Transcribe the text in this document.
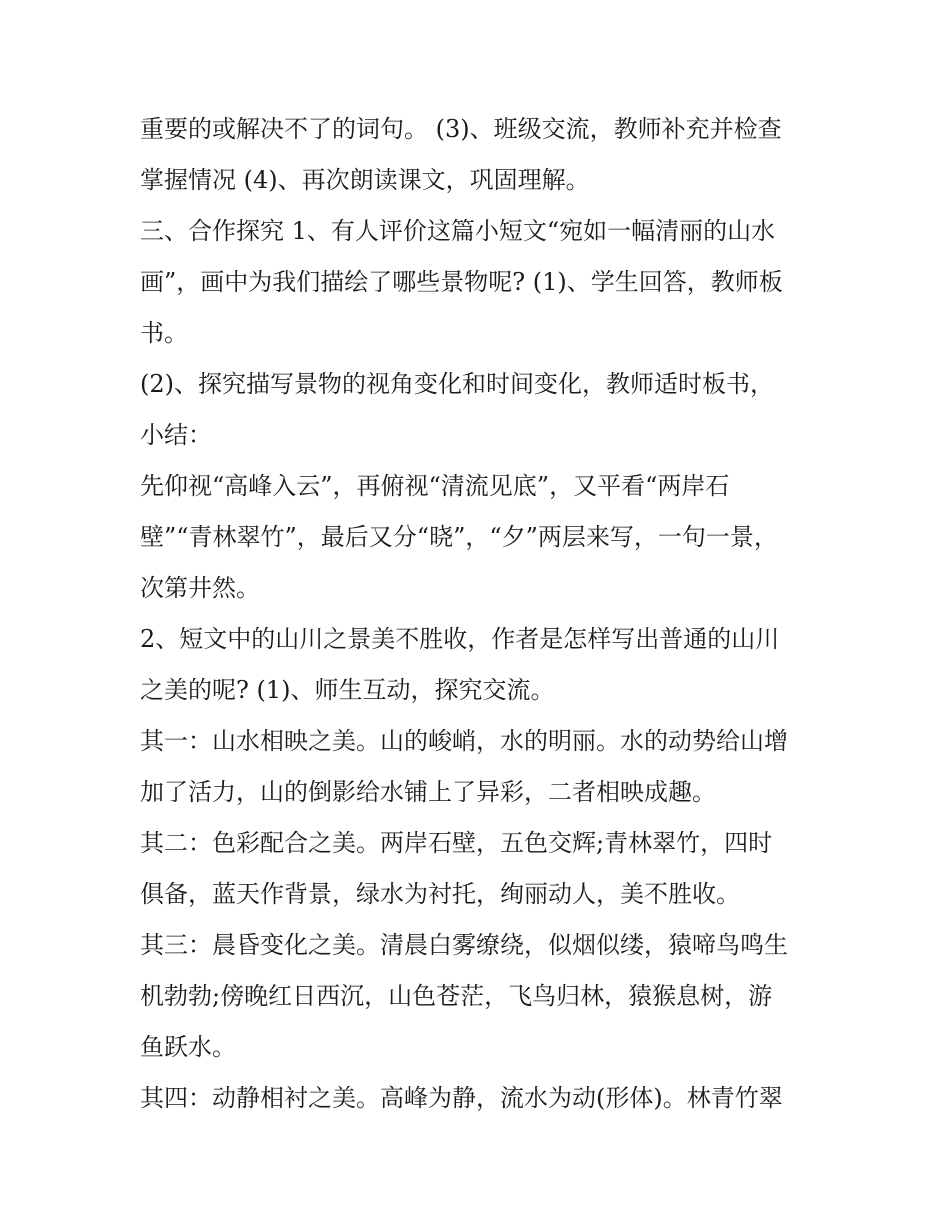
重要的或解决不了的词句。 (3)、班级交流，教师补充并检查
掌握情况 (4)、再次朗读课文，巩固理解。
三、合作探究 1、有人评价这篇小短文“宛如一幅清丽的山水
画”，画中为我们描绘了哪些景物呢? (1)、学生回答，教师板
书。
(2)、探究描写景物的视角变化和时间变化，教师适时板书，
小结：
先仰视“高峰入云”，再俯视“清流见底”，又平看“两岸石
壁”“青林翠竹”，最后又分“晓”，“夕”两层来写，一句一景，
次第井然。
2、短文中的山川之景美不胜收，作者是怎样写出普通的山川
之美的呢? (1)、师生互动，探究交流。
其一：山水相映之美。山的峻峭，水的明丽。水的动势给山增
加了活力，山的倒影给水铺上了异彩，二者相映成趣。
其二：色彩配合之美。两岸石壁，五色交辉;青林翠竹，四时
俱备，蓝天作背景，绿水为衬托，绚丽动人，美不胜收。
其三：晨昏变化之美。清晨白雾缭绕，似烟似缕，猿啼鸟鸣生
机勃勃;傍晚红日西沉，山色苍茫，飞鸟归林，猿猴息树，游
鱼跃水。
其四：动静相衬之美。高峰为静，流水为动(形体)。林青竹翠
